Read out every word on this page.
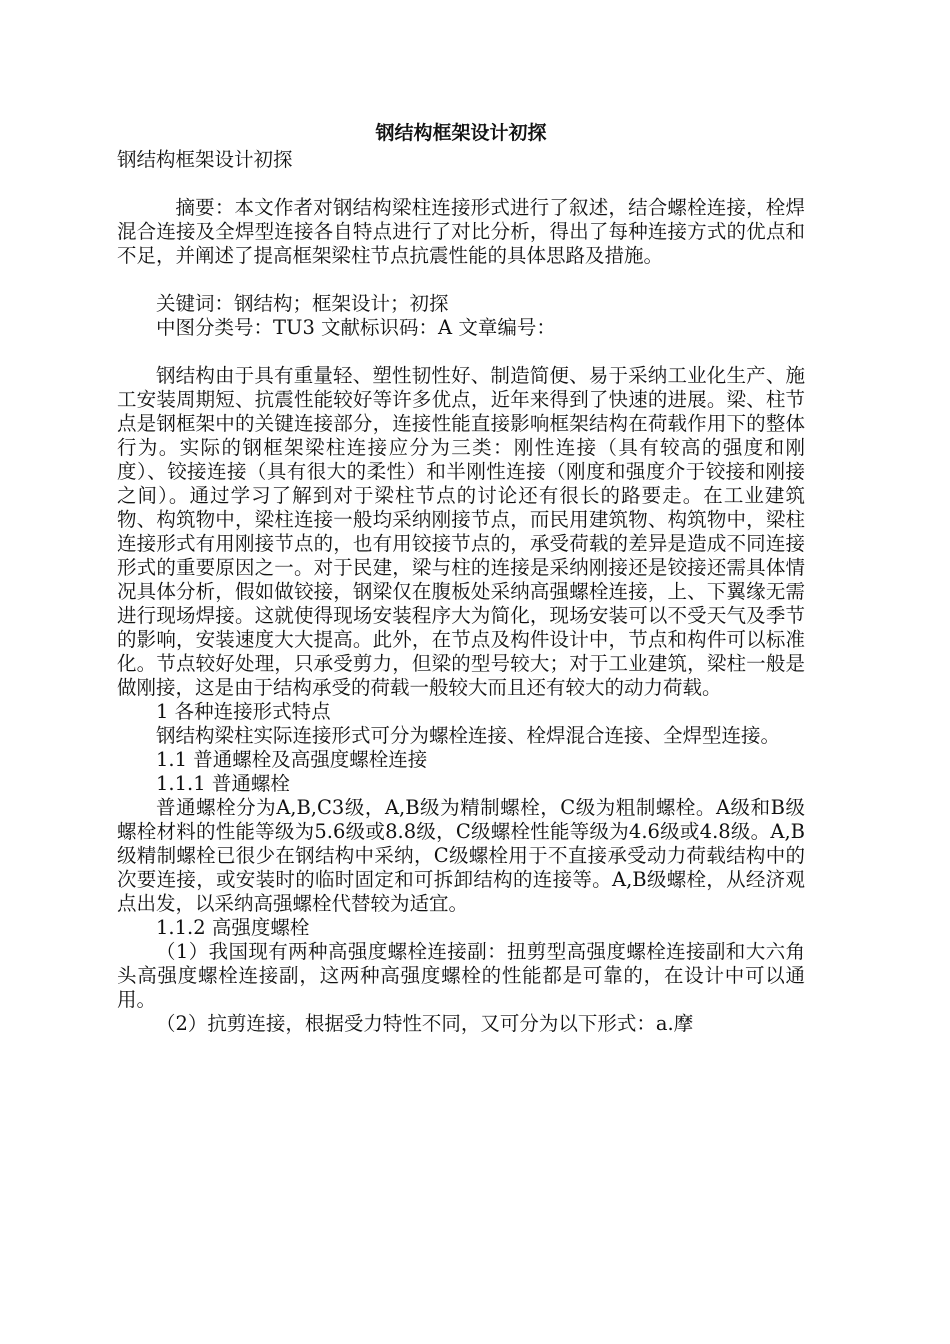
钢结构框架设计初探

钢结构框架设计初探

摘要：本文作者对钢结构梁柱连接形式进行了叙述，结合螺栓连接，栓焊混合连接及全焊型连接各自特点进行了对比分析，得出了每种连接方式的优点和不足，并阐述了提高框架梁柱节点抗震性能的具体思路及措施。

关键词：钢结构；框架设计；初探

中图分类号：TU3 文献标识码：A 文章编号：

钢结构由于具有重量轻、塑性韧性好、制造简便、易于采纳工业化生产、施工安装周期短、抗震性能较好等许多优点，近年来得到了快速的进展。梁、柱节点是钢框架中的关键连接部分，连接性能直接影响框架结构在荷载作用下的整体行为。实际的钢框架梁柱连接应分为三类：刚性连接（具有较高的强度和刚度）、铰接连接（具有很大的柔性）和半刚性连接（刚度和强度介于铰接和刚接之间）。通过学习了解到对于梁柱节点的讨论还有很长的路要走。在工业建筑物、构筑物中，梁柱连接一般均采纳刚接节点，而民用建筑物、构筑物中，梁柱连接形式有用刚接节点的，也有用铰接节点的，承受荷载的差异是造成不同连接形式的重要原因之一。对于民建，梁与柱的连接是采纳刚接还是铰接还需具体情况具体分析，假如做铰接，钢梁仅在腹板处采纳高强螺栓连接，上、下翼缘无需进行现场焊接。这就使得现场安装程序大为简化，现场安装可以不受天气及季节的影响，安装速度大大提高。此外，在节点及构件设计中，节点和构件可以标准化。节点较好处理，只承受剪力，但梁的型号较大；对于工业建筑，梁柱一般是做刚接，这是由于结构承受的荷载一般较大而且还有较大的动力荷载。

1 各种连接形式特点

钢结构梁柱实际连接形式可分为螺栓连接、栓焊混合连接、全焊型连接。

1.1 普通螺栓及高强度螺栓连接

1.1.1 普通螺栓

普通螺栓分为A,B,C3级，A,B级为精制螺栓，C级为粗制螺栓。A级和B级螺栓材料的性能等级为5.6级或8.8级，C级螺栓性能等级为4.6级或4.8级。A,B级精制螺栓已很少在钢结构中采纳，C级螺栓用于不直接承受动力荷载结构中的次要连接，或安装时的临时固定和可拆卸结构的连接等。A,B级螺栓，从经济观点出发，以采纳高强螺栓代替较为适宜。

1.1.2 高强度螺栓

（1）我国现有两种高强度螺栓连接副：扭剪型高强度螺栓连接副和大六角头高强度螺栓连接副，这两种高强度螺栓的性能都是可靠的，在设计中可以通用。

（2）抗剪连接，根据受力特性不同，又可分为以下形式：a.摩
